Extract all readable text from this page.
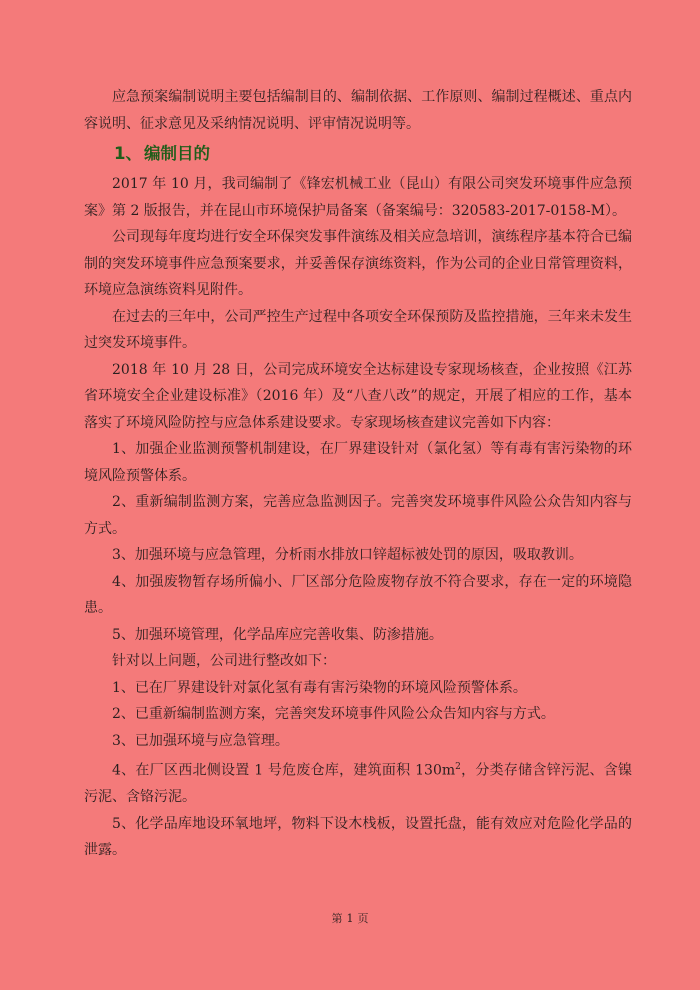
应急预案编制说明主要包括编制目的、编制依据、工作原则、编制过程概述、重点内容说明、征求意见及采纳情况说明、评审情况说明等。

1、 编制目的

2017 年 10 月，我司编制了《锋宏机械工业（昆山）有限公司突发环境事件应急预案》第 2 版报告，并在昆山市环境保护局备案（备案编号：320583-2017-0158-M）。

公司现每年度均进行安全环保突发事件演练及相关应急培训，演练程序基本符合已编制的突发环境事件应急预案要求，并妥善保存演练资料，作为公司的企业日常管理资料，环境应急演练资料见附件。

在过去的三年中，公司严控生产过程中各项安全环保预防及监控措施，三年来未发生过突发环境事件。

2018 年 10 月 28 日，公司完成环境安全达标建设专家现场核查，企业按照《江苏省环境安全企业建设标准》（2016 年）及“八查八改”的规定，开展了相应的工作，基本落实了环境风险防控与应急体系建设要求。专家现场核查建议完善如下内容：

1、加强企业监测预警机制建设，在厂界建设针对（氯化氢）等有毒有害污染物的环境风险预警体系。

2、重新编制监测方案，完善应急监测因子。完善突发环境事件风险公众告知内容与方式。

3、加强环境与应急管理，分析雨水排放口锌超标被处罚的原因，吸取教训。

4、加强废物暂存场所偏小、厂区部分危险废物存放不符合要求，存在一定的环境隐患。

5、加强环境管理，化学品库应完善收集、防渗措施。

针对以上问题，公司进行整改如下：

1、已在厂界建设针对氯化氢有毒有害污染物的环境风险预警体系。

2、已重新编制监测方案，完善突发环境事件风险公众告知内容与方式。

3、已加强环境与应急管理。

4、在厂区西北侧设置 1 号危废仓库，建筑面积 $130m^2$，分类存储含锌污泥、含镍污泥、含铬污泥。

5、化学品库地设环氧地坪，物料下设木栈板，设置托盘，能有效应对危险化学品的泄露。

第 1 页
